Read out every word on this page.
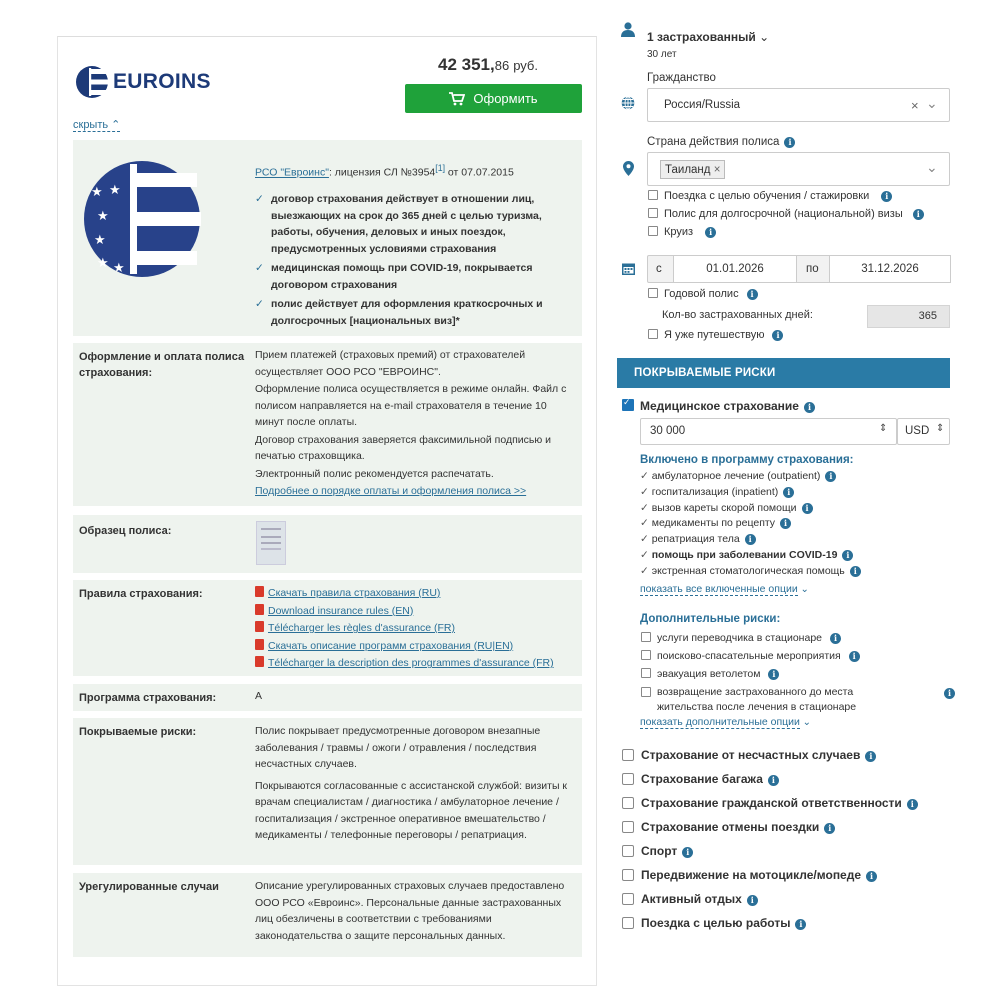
EUROINS
42 351,86 руб.
Оформить
скрыть ⌃
★
★
★
★ ★
★
РСО "Евроинс": лицензия СЛ №3954[1] от 07.07.2015
✓ договор страхования действует в отношении лиц, выезжающих на срок до 365 дней с целью туризма, работы, обучения, деловых и иных поездок, предусмотренных условиями страхования
✓ медицинская помощь при COVID-19, покрывается договором страхования
✓ полис действует для оформления краткосрочных и долгосрочных [национальных виз]*
Оформление и оплата полиса страхования:

Прием платежей (страховых премий) от страхователей осуществляет ООО РСО "ЕВРОИНС".

Оформление полиса осуществляется в режиме онлайн. Файл с полисом направляется на e-mail страхователя в течение 10 минут после оплаты.

Договор страхования заверяется факсимильной подписью и печатью страховщика.

Электронный полис рекомендуется распечатать.

Подробнее о порядке оплаты и оформления полиса >>

Образец полиса:
Правила страхования:	Скачать правила страхования (RU)
Download insurance rules (EN)
Télécharger les règles d'assurance (FR)
Скачать описание программ страхования (RU|EN)
Télécharger la description des programmes d'assurance (FR)
Программа страхования:	А
Покрываемые риски:	Полис покрывает предусмотренные договором внезапные заболевания / травмы / ожоги / отравления / последствия несчастных случаев.

Покрываются согласованные с ассистанской службой: визиты к врачам специалистам / диагностика / амбулаторное лечение / госпитализация / экстренное оперативное вмешательство / медикаменты / телефонные переговоры / репатриация.

Урегулированные случаи	Описание урегулированных страховых случаев предоставлено ООО РСО «Евроинс». Персональные данные застрахованных лиц обезличены в соответствии с требованиями законодательства о защите персональных данных.
1 застрахованный ⌄
30 лет
Гражданство
Россия/Russia	× ⌄
Страна действия полиса i
Таиланд ×	⌄
Поездка с целью обучения / стажировки i
Полис для долгосрочной (национальной) визы i
Круиз i
с	01.01.2026	по	31.12.2026
Годовой полис i
Кол-во застрахованных дней:	365
Я уже путешествую i
ПОКРЫВАЕМЫЕ РИСКИ
✓Медицинское страхование i
30 000	⇕ USD ⇕
Включено в программу страхования:
✓ амбулаторное лечение (outpatient) i
✓ госпитализация (inpatient) i
✓ вызов кареты скорой помощи i
✓ медикаменты по рецепту i
✓ репатриация тела i
✓ помощь при заболевании COVID-19 i
✓ экстренная стоматологическая помощь i
показать все включенные опции ⌄
Дополнительные риски:
услуги переводчика в стационаре i
поисково-спасательные мероприятия i
эвакуация ветолетом i
возвращение застрахованного до места жительства после лечения в стационаре
i
показать дополнительные опции ⌄
Страхование от несчастных случаев i
Страхование багажа i
Страхование гражданской ответственности i
Страхование отмены поездки i
Спорт i
Передвижение на мотоцикле/мопеде i
Активный отдых i
Поездка с целью работы i
